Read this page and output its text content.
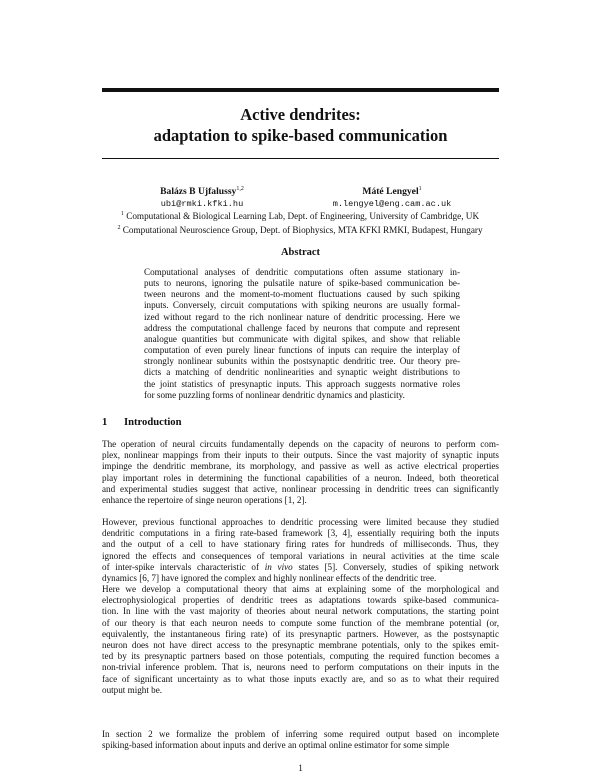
Active dendrites:
adaptation to spike-based communication
Balázs B Ujfalussy$^{1,2}$
ubi@rmki.kfki.hu
Máté Lengyel$^1$
m.lengyel@eng.cam.ac.uk
$^1$ Computational & Biological Learning Lab, Dept. of Engineering, University of Cambridge, UK
$^2$ Computational Neuroscience Group, Dept. of Biophysics, MTA KFKI RMKI, Budapest, Hungary
Abstract
Computational analyses of dendritic computations often assume stationary in-
puts to neurons, ignoring the pulsatile nature of spike-based communication be-
tween neurons and the moment-to-moment fluctuations caused by such spiking
inputs. Conversely, circuit computations with spiking neurons are usually formal-
ized without regard to the rich nonlinear nature of dendritic processing. Here we
address the computational challenge faced by neurons that compute and represent
analogue quantities but communicate with digital spikes, and show that reliable
computation of even purely linear functions of inputs can require the interplay of
strongly nonlinear subunits within the postsynaptic dendritic tree. Our theory pre-
dicts a matching of dendritic nonlinearities and synaptic weight distributions to
the joint statistics of presynaptic inputs. This approach suggests normative roles
for some puzzling forms of nonlinear dendritic dynamics and plasticity.
1 Introduction
The operation of neural circuits fundamentally depends on the capacity of neurons to perform com-
plex, nonlinear mappings from their inputs to their outputs. Since the vast majority of synaptic inputs
impinge the dendritic membrane, its morphology, and passive as well as active electrical properties
play important roles in determining the functional capabilities of a neuron. Indeed, both theoretical
and experimental studies suggest that active, nonlinear processing in dendritic trees can significantly
enhance the repertoire of singe neuron operations [1, 2].
However, previous functional approaches to dendritic processing were limited because they studied
dendritic computations in a firing rate-based framework [3, 4], essentially requiring both the inputs
and the output of a cell to have stationary firing rates for hundreds of milliseconds. Thus, they
ignored the effects and consequences of temporal variations in neural activities at the time scale
of inter-spike intervals characteristic of in vivo states [5]. Conversely, studies of spiking network
dynamics [6, 7] have ignored the complex and highly nonlinear effects of the dendritic tree.
Here we develop a computational theory that aims at explaining some of the morphological and
electrophysiological properties of dendritic trees as adaptations towards spike-based communica-
tion. In line with the vast majority of theories about neural network computations, the starting point
of our theory is that each neuron needs to compute some function of the membrane potential (or,
equivalently, the instantaneous firing rate) of its presynaptic partners. However, as the postsynaptic
neuron does not have direct access to the presynaptic membrane potentials, only to the spikes emit-
ted by its presynaptic partners based on those potentials, computing the required function becomes a
non-trivial inference problem. That is, neurons need to perform computations on their inputs in the
face of significant uncertainty as to what those inputs exactly are, and so as to what their required
output might be.
In section 2 we formalize the problem of inferring some required output based on incomplete
spiking-based information about inputs and derive an optimal online estimator for some simple
1
